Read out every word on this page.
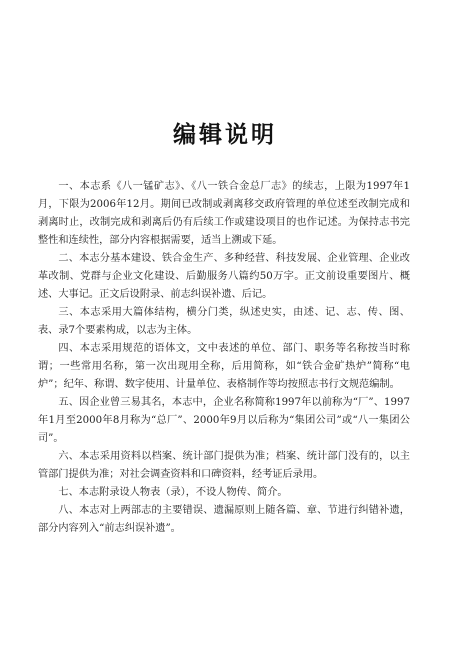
编辑说明

一、本志系《八一锰矿志》、《八一铁合金总厂志》的续志，上限为1997年1月，下限为2006年12月。期间已改制或剥离移交政府管理的单位述至改制完成和剥离时止，改制完成和剥离后仍有后续工作或建设项目的也作记述。为保持志书完整性和连续性，部分内容根据需要，适当上溯或下延。

二、本志分基本建设、铁合金生产、多种经营、科技发展、企业管理、企业改革改制、党群与企业文化建设、后勤服务八篇约50万字。正文前设重要图片、概述、大事记。正文后设附录、前志纠误补遗、后记。

三、本志采用大篇体结构，横分门类，纵述史实，由述、记、志、传、图、表、录7个要素构成，以志为主体。

四、本志采用规范的语体文，文中表述的单位、部门、职务等名称按当时称谓；一些常用名称，第一次出现用全称，后用简称，如“铁合金矿热炉”简称“电炉”；纪年、称谓、数字使用、计量单位、表格制作等均按照志书行文规范编制。

五、因企业曾三易其名，本志中，企业名称简称1997年以前称为“厂”、1997年1月至2000年8月称为“总厂”、2000年9月以后称为“集团公司”或“八一集团公司”。

六、本志采用资料以档案、统计部门提供为准；档案、统计部门没有的，以主管部门提供为准；对社会调查资料和口碑资料，经考证后录用。

七、本志附录设人物表（录），不设人物传、简介。

八、本志对上两部志的主要错误、遗漏原则上随各篇、章、节进行纠错补遗，部分内容列入“前志纠误补遗”。
